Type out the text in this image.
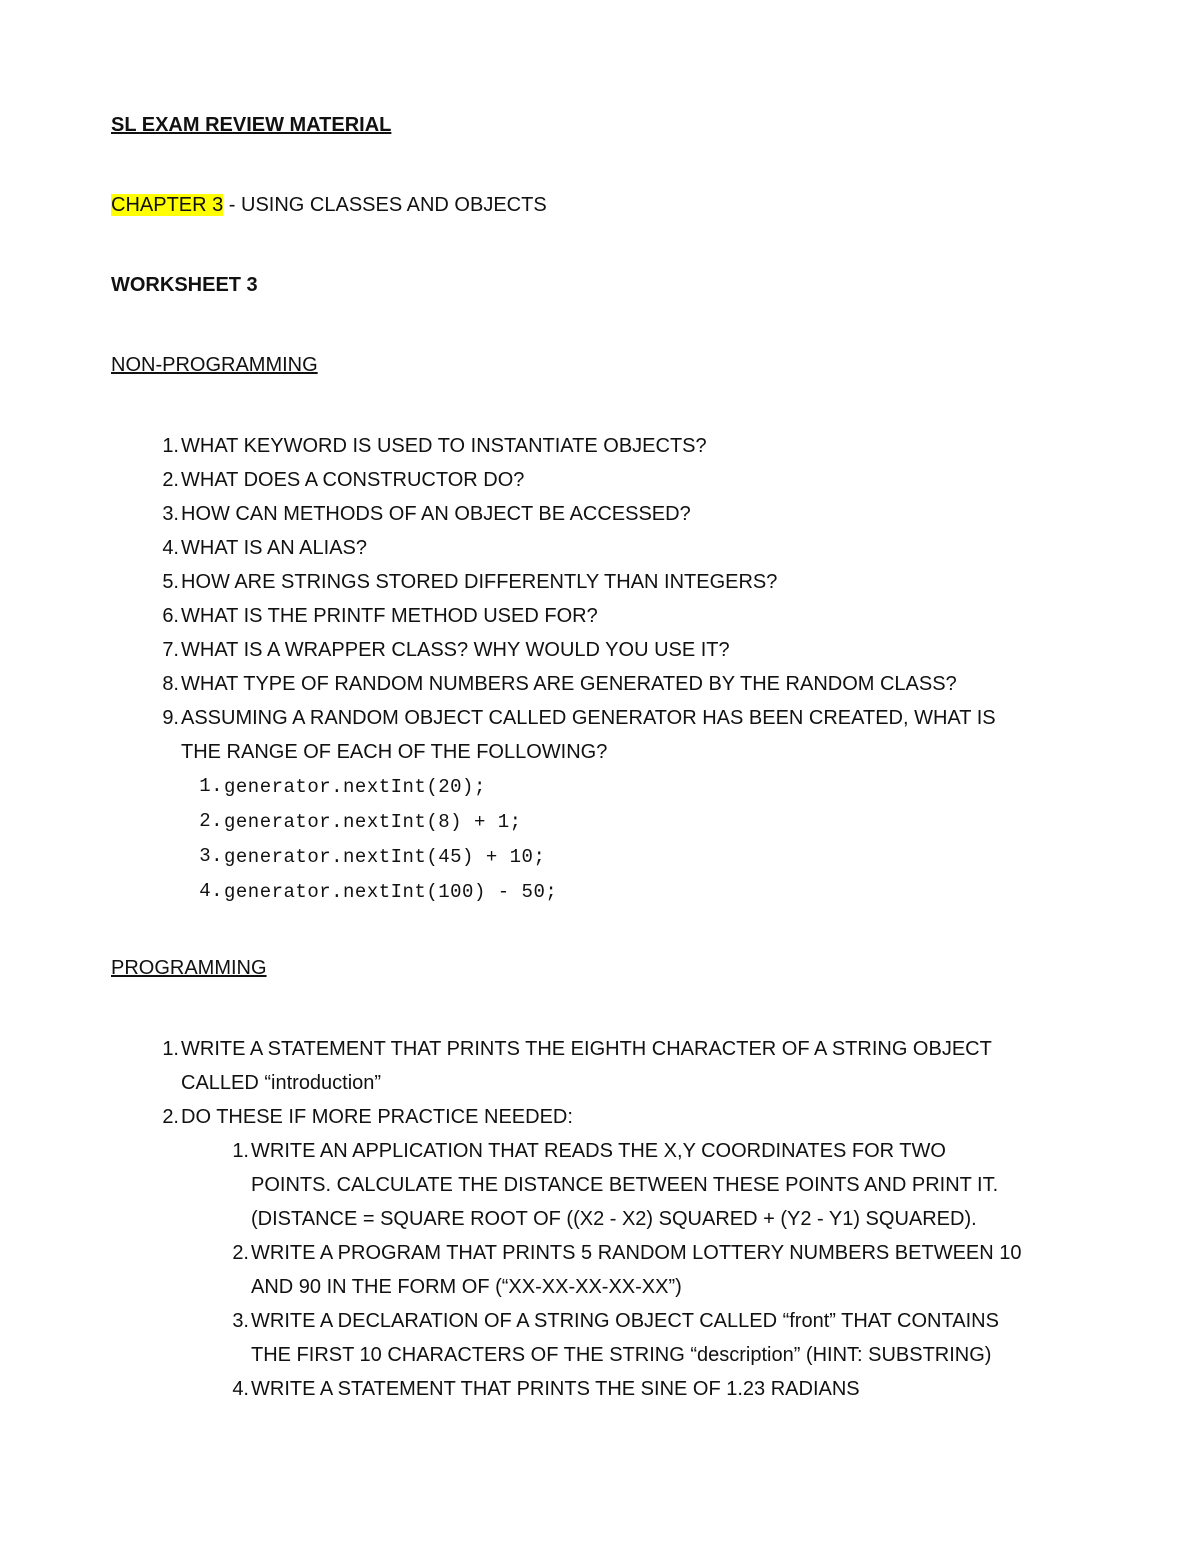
SL EXAM REVIEW MATERIAL
CHAPTER 3 - USING CLASSES AND OBJECTS
WORKSHEET 3
NON-PROGRAMMING
1. WHAT KEYWORD IS USED TO INSTANTIATE OBJECTS?
2. WHAT DOES A CONSTRUCTOR DO?
3. HOW CAN METHODS OF AN OBJECT BE ACCESSED?
4. WHAT IS AN ALIAS?
5. HOW ARE STRINGS STORED DIFFERENTLY THAN INTEGERS?
6. WHAT IS THE PRINTF METHOD USED FOR?
7. WHAT IS A WRAPPER CLASS? WHY WOULD YOU USE IT?
8. WHAT TYPE OF RANDOM NUMBERS ARE GENERATED BY THE RANDOM CLASS?
9. ASSUMING A RANDOM OBJECT CALLED GENERATOR HAS BEEN CREATED, WHAT IS
THE RANGE OF EACH OF THE FOLLOWING?
1. generator.nextInt(20);
2. generator.nextInt(8) + 1;
3. generator.nextInt(45) + 10;
4. generator.nextInt(100) - 50;
PROGRAMMING
1. WRITE A STATEMENT THAT PRINTS THE EIGHTH CHARACTER OF A STRING OBJECT
CALLED “introduction”
2. DO THESE IF MORE PRACTICE NEEDED:
1. WRITE AN APPLICATION THAT READS THE X,Y COORDINATES FOR TWO
POINTS. CALCULATE THE DISTANCE BETWEEN THESE POINTS AND PRINT IT.
(DISTANCE = SQUARE ROOT OF ((X2 - X2) SQUARED + (Y2 - Y1) SQUARED).
2. WRITE A PROGRAM THAT PRINTS 5 RANDOM LOTTERY NUMBERS BETWEEN 10
AND 90 IN THE FORM OF (“XX-XX-XX-XX-XX”)
3. WRITE A DECLARATION OF A STRING OBJECT CALLED “front” THAT CONTAINS
THE FIRST 10 CHARACTERS OF THE STRING “description” (HINT: SUBSTRING)
4. WRITE A STATEMENT THAT PRINTS THE SINE OF 1.23 RADIANS
